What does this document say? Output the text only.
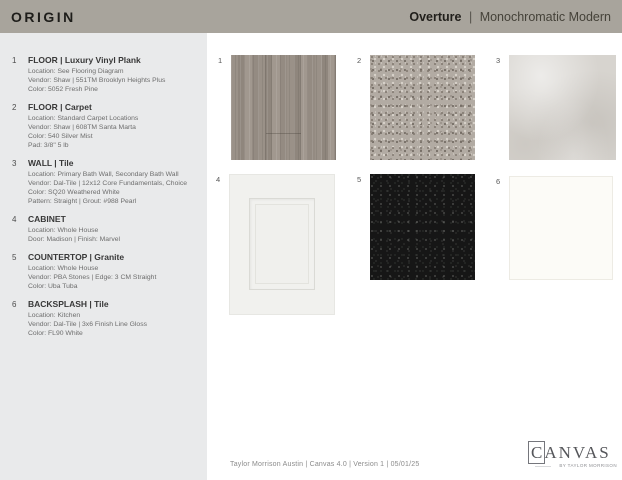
ORIGIN	Overture | Monochromatic Modern
1	FLOOR | Luxury Vinyl Plank
Location: See Flooring Diagram
Vendor: Shaw | 551TM Brooklyn Heights Plus
Color: 5052 Fresh Pine
2	FLOOR | Carpet
Location: Standard Carpet Locations
Vendor: Shaw | 608TM Santa Marta
Color: 540 Silver Mist
Pad: 3/8" 5 lb
3	WALL | Tile
Location: Primary Bath Wall, Secondary Bath Wall
Vendor: Dal-Tile | 12x12 Core Fundamentals, Choice
Color: SQ20 Weathered White
Pattern: Straight | Grout: #988 Pearl
4	CABINET
Location: Whole House
Door: Madison | Finish: Marvel
5	COUNTERTOP | Granite
Location: Whole House
Vendor: PBA Stones | Edge: 3 CM Straight
Color: Uba Tuba
6	BACKSPLASH | Tile
Location: Kitchen
Vendor: Dal-Tile | 3x6 Finish Line Gloss
Color: FL90 White
1	2	3
4	5	6
Taylor Morrison Austin | Canvas 4.0 | Version 1 | 05/01/25
CANVAS
BY TAYLOR MORRISON
